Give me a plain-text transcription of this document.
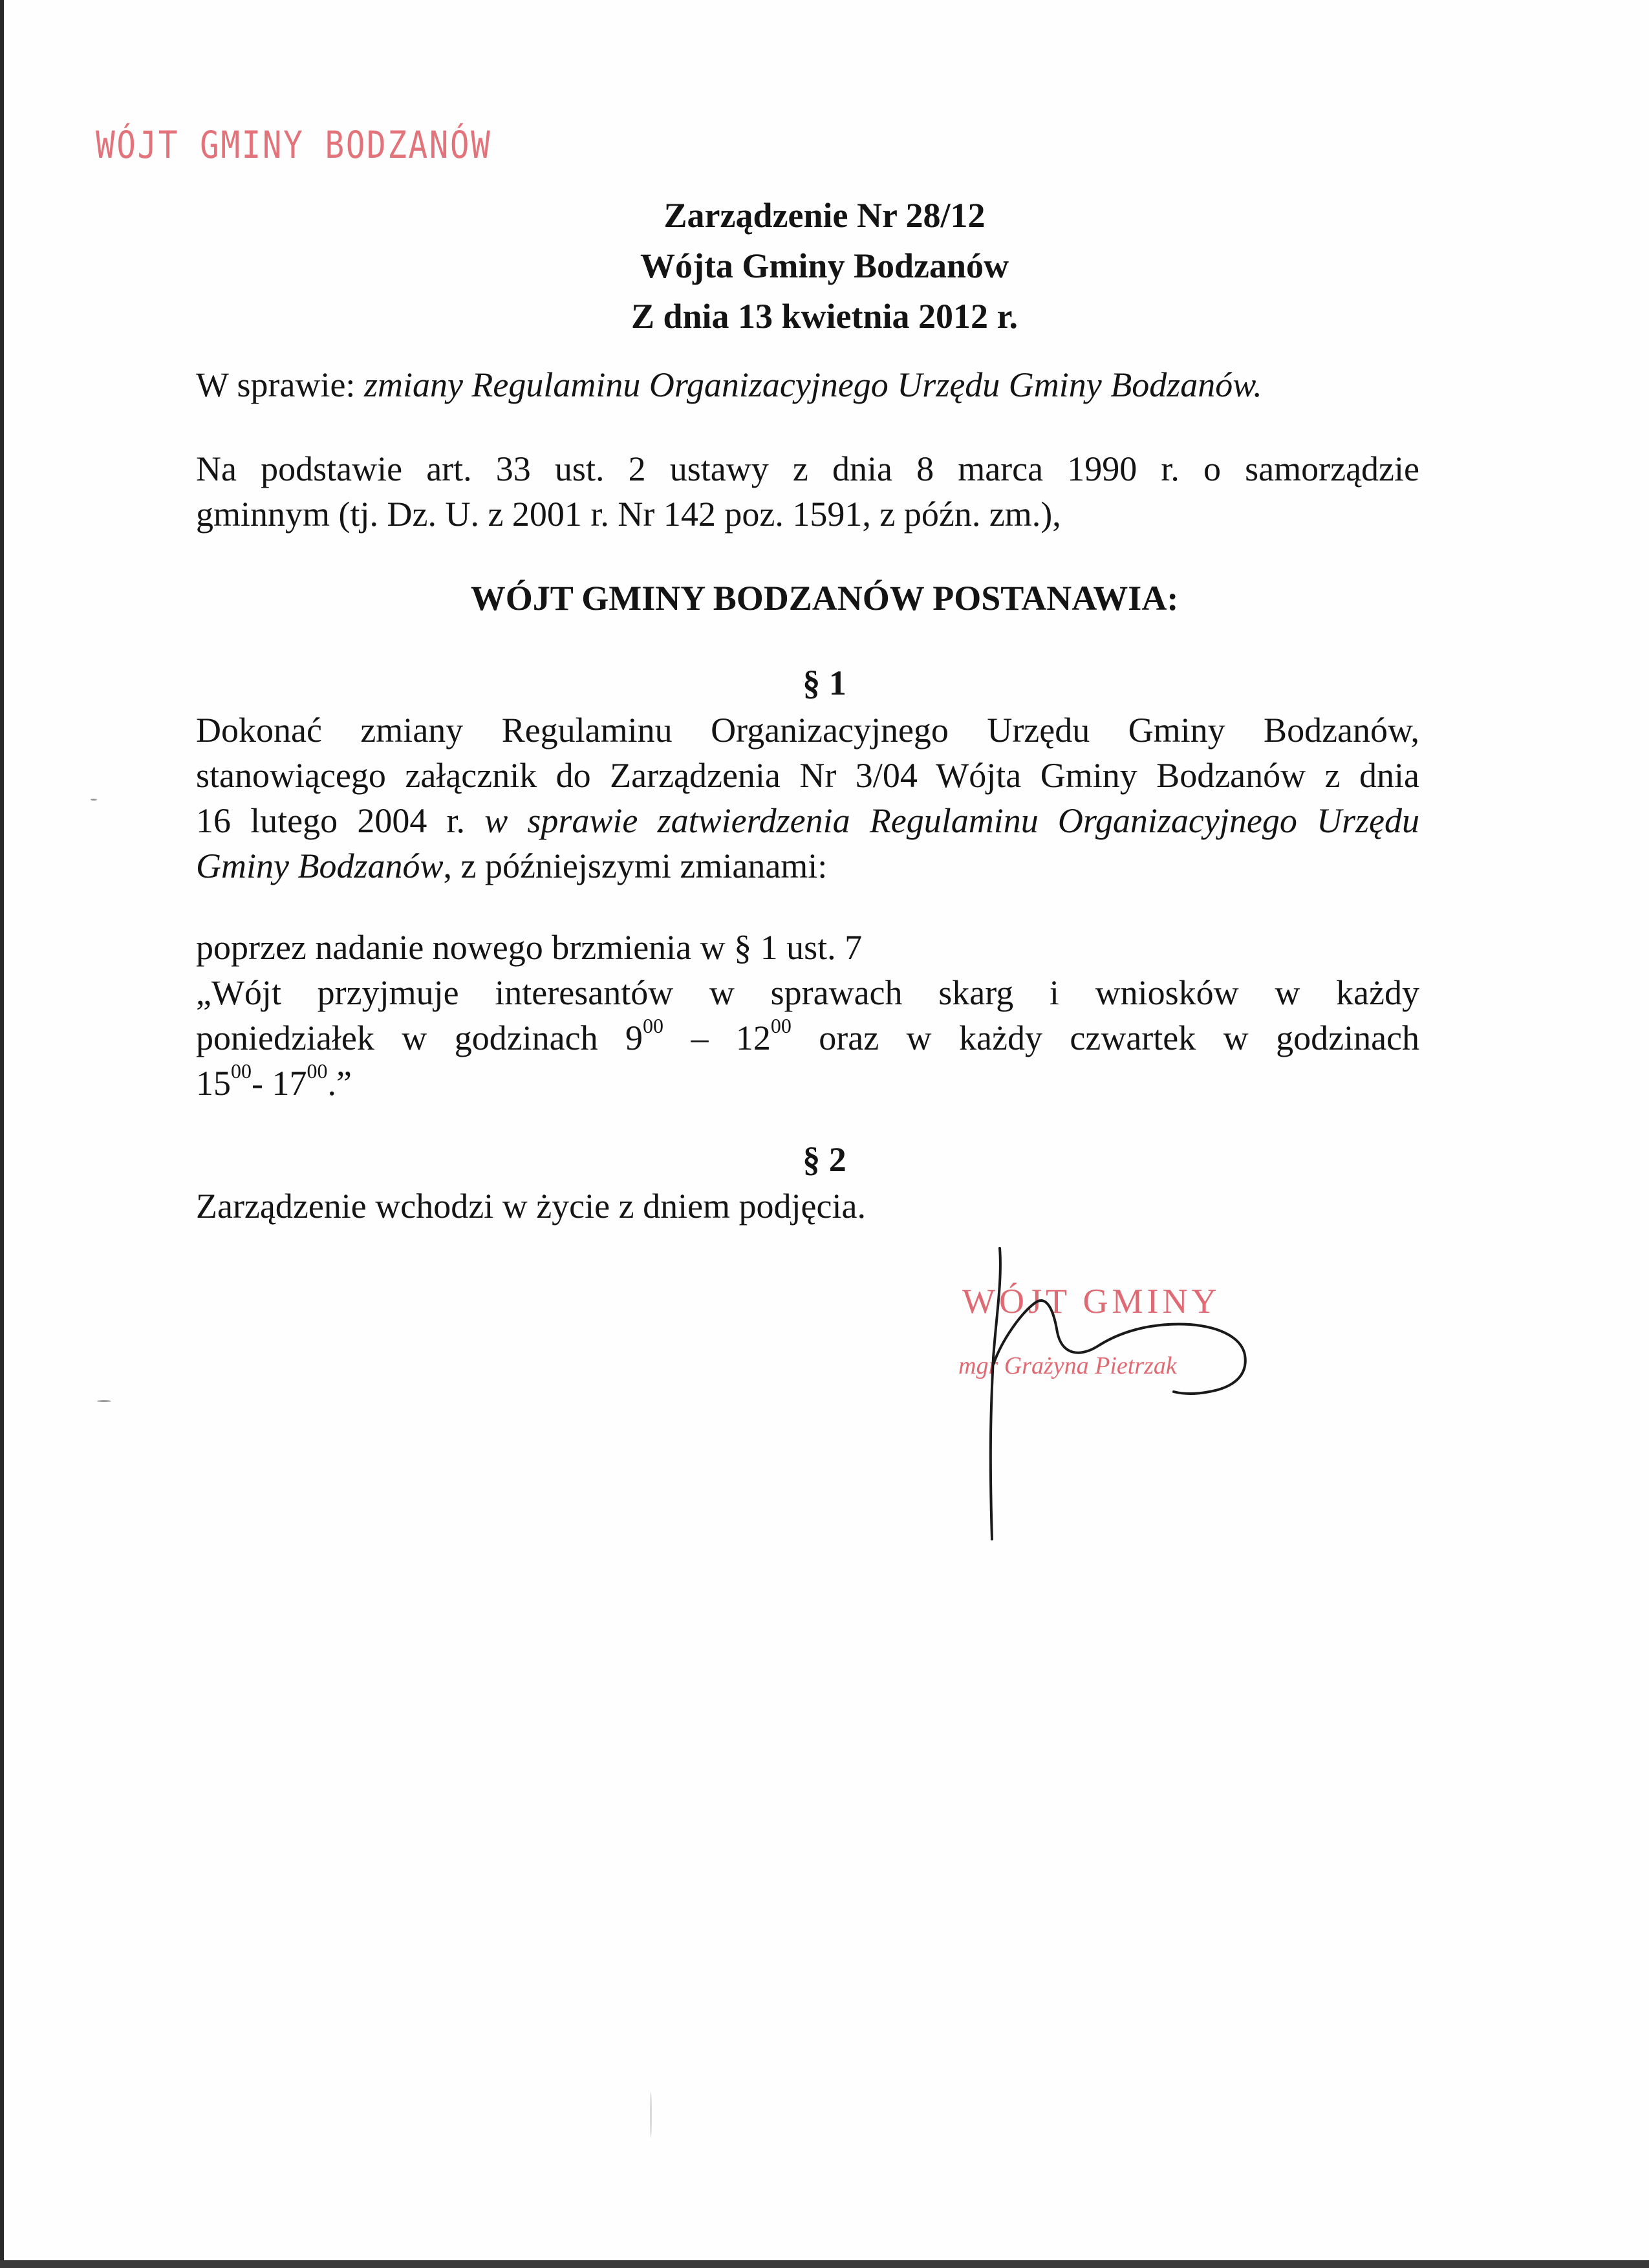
WÓJT GMINY BODZANÓW
Zarządzenie Nr 28/12
Wójta Gminy Bodzanów
Z dnia 13 kwietnia 2012 r.
W sprawie: zmiany Regulaminu Organizacyjnego Urzędu Gminy Bodzanów.
Na podstawie art. 33 ust. 2 ustawy z dnia 8 marca 1990 r. o samorządzie
gminnym (tj. Dz. U. z 2001 r. Nr 142 poz. 1591, z późn. zm.),
WÓJT GMINY BODZANÓW POSTANAWIA:
§ 1
Dokonać zmiany Regulaminu Organizacyjnego Urzędu Gminy Bodzanów,
stanowiącego załącznik do Zarządzenia Nr 3/04 Wójta Gminy Bodzanów z dnia
16 lutego 2004 r. w sprawie zatwierdzenia Regulaminu Organizacyjnego Urzędu
Gminy Bodzanów, z późniejszymi zmianami:
poprzez nadanie nowego brzmienia w § 1 ust. 7
„Wójt przyjmuje interesantów w sprawach skarg i wniosków w każdy
poniedziałek w godzinach $9^{00} - 12^{00}$ oraz w każdy czwartek w godzinach
$15^{00}-$ $17^{00}$.”
§ 2
Zarządzenie wchodzi w życie z dniem podjęcia.
WÓJT GMINY
mgr Grażyna Pietrzak
